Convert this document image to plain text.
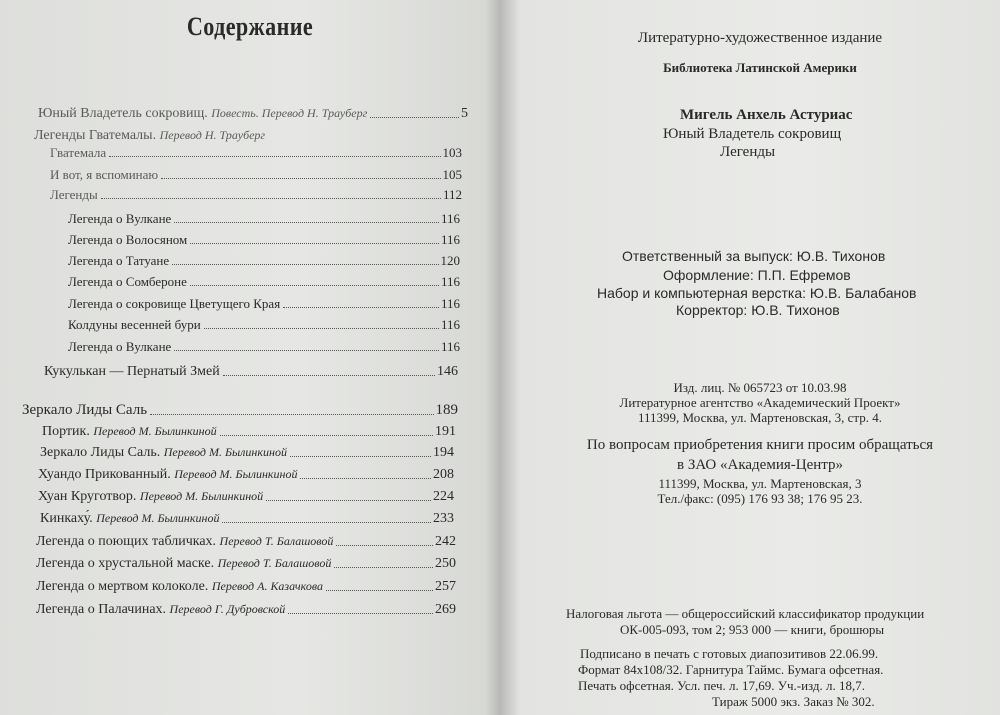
Содержание
Юный Владетель сокровищ. Повесть. Перевод Н. Трауберг	5
Легенды Гватемалы. Перевод Н. Трауберг
Гватемала	103
И вот, я вспоминаю	105
Легенды	112
Легенда о Вулкане	116
Легенда о Волосяном	116
Легенда о Татуане	120
Легенда о Сомбероне	116
Легенда о сокровище Цветущего Края	116
Колдуны весенней бури	116
Легенда о Вулкане	116
Кукулькан — Пернатый Змей	146
Зеркало Лиды Саль	189
Портик. Перевод М. Былинкиной	191
Зеркало Лиды Саль. Перевод М. Былинкиной	194
Хуандо Прикованный. Перевод М. Былинкиной	208
Хуан Круготвор. Перевод М. Былинкиной	224
Кинкаху́. Перевод М. Былинкиной	233
Легенда о поющих табличках. Перевод Т. Балашовой	242
Легенда о хрустальной маске. Перевод Т. Балашовой	250
Легенда о мертвом колоколе. Перевод А. Казачкова	257
Легенда о Палачинах. Перевод Г. Дубровской	269
Литературно-художественное издание
Библиотека Латинской Америки
Мигель Анхель Астуриас
Юный Владетель сокровищ
Легенды
Ответственный за выпуск: Ю.В. Тихонов
Оформление: П.П. Ефремов
Набор и компьютерная верстка: Ю.В. Балабанов
Корректор: Ю.В. Тихонов
Изд. лиц. № 065723 от 10.03.98
Литературное агентство «Академический Проект»
111399, Москва, ул. Мартеновская, 3, стр. 4.
По вопросам приобретения книги просим обращаться
в ЗАО «Академия-Центр»
111399, Москва, ул. Мартеновская, 3
Тел./факс: (095) 176 93 38; 176 95 23.
Налоговая льгота — общероссийский классификатор продукции
ОК-005-093, том 2; 953 000 — книги, брошюры
Подписано в печать с готовых диапозитивов 22.06.99.
Формат 84х108/32. Гарнитура Таймс. Бумага офсетная.
Печать офсетная. Усл. печ. л. 17,69. Уч.-изд. л. 18,7.
Тираж 5000 экз. Заказ № 302.
